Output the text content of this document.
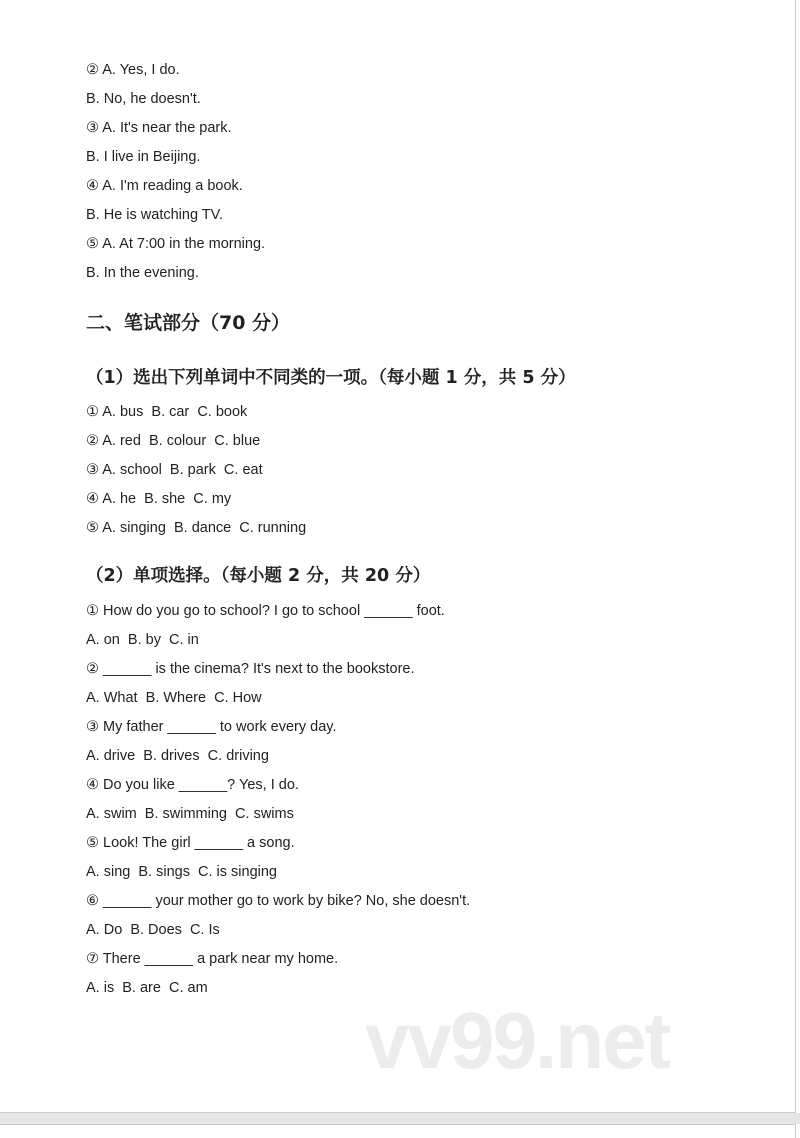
② A. Yes, I do.
B. No, he doesn't.
③ A. It's near the park.
B. I live in Beijing.
④ A. I'm reading a book.
B. He is watching TV.
⑤ A. At 7:00 in the morning.
B. In the evening.
二、笔试部分（70 分）
（1）选出下列单词中不同类的一项。（每小题 1 分，共 5 分）
① A. bus  B. car  C. book
② A. red  B. colour  C. blue
③ A. school  B. park  C. eat
④ A. he  B. she  C. my
⑤ A. singing  B. dance  C. running
（2）单项选择。（每小题 2 分，共 20 分）
① How do you go to school? I go to school ______ foot.
A. on  B. by  C. in
② ______ is the cinema? It's next to the bookstore.
A. What  B. Where  C. How
③ My father ______ to work every day.
A. drive  B. drives  C. driving
④ Do you like ______? Yes, I do.
A. swim  B. swimming  C. swims
⑤ Look! The girl ______ a song.
A. sing  B. sings  C. is singing
⑥ ______ your mother go to work by bike? No, she doesn't.
A. Do  B. Does  C. Is
⑦ There ______ a park near my home.
A. is  B. are  C. am
vv99.net
